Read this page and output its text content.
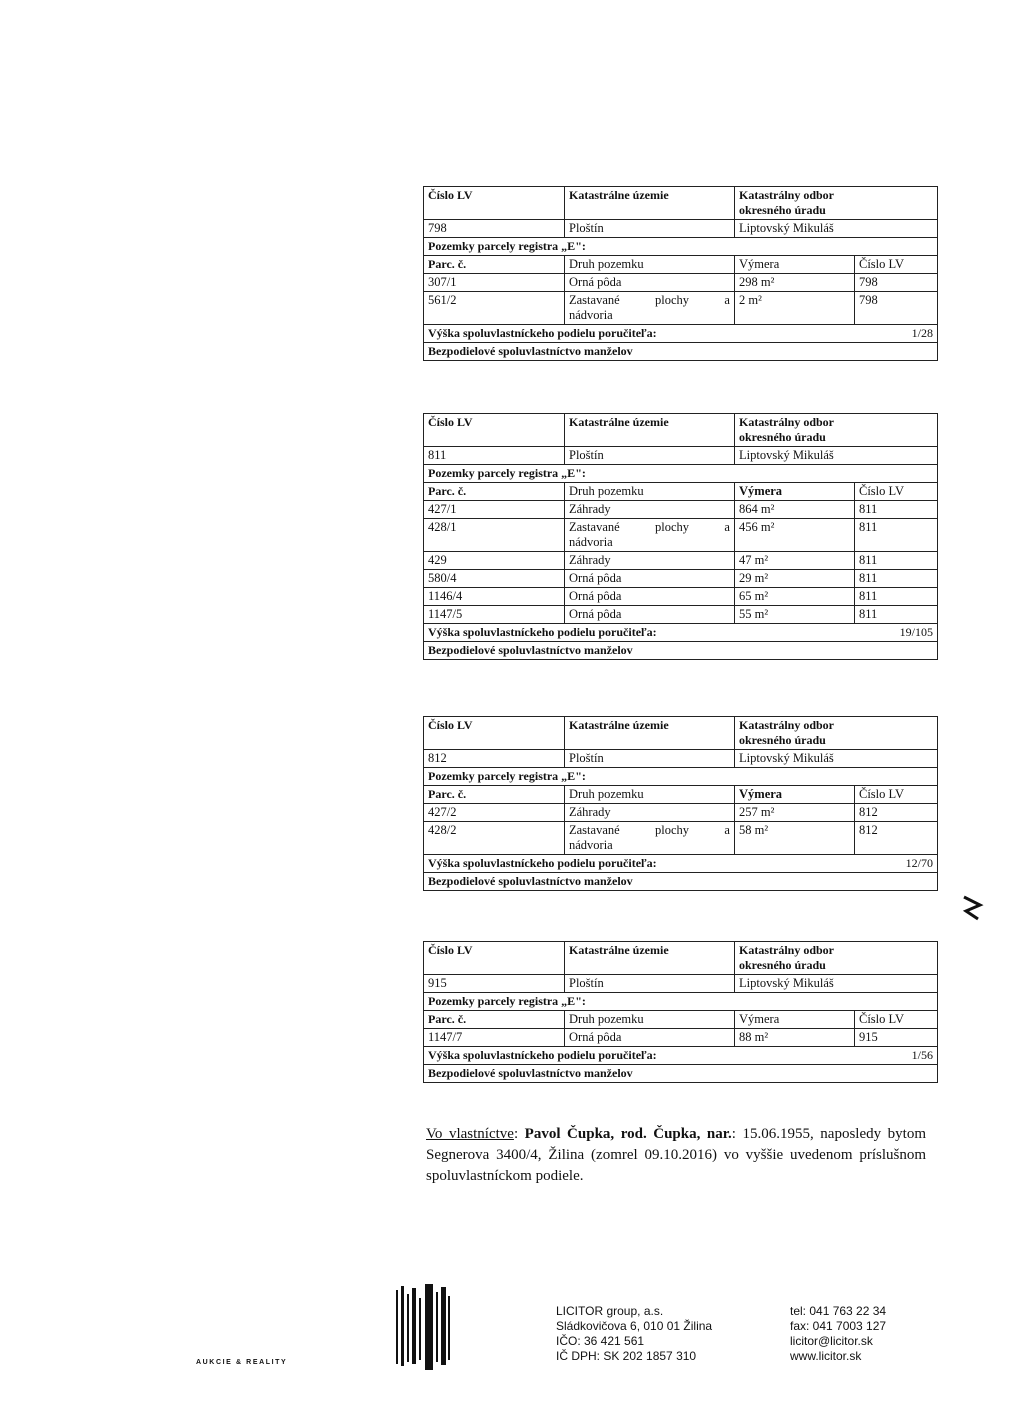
Číslo LV	Katastrálne územie	Katastrálny odbor
okresného úradu	
798	Ploštín	Liptovský Mikuláš	
Pozemky parcely registra „E":			
Parc. č.	Druh pozemku	Výmera	Číslo LV
307/1	Orná pôda	298 m²	798
561/2	Zastavané plochy a
nádvoria	2 m²	798
Výška spoluvlastníckeho podielu poručiteľa: 1/28			

Bezpodielové spoluvlastníctvo manželov			
Číslo LV	Katastrálne územie	Katastrálny odbor
okresného úradu	
811	Ploštín	Liptovský Mikuláš	
Pozemky parcely registra „E":			
Parc. č.	Druh pozemku	Výmera	Číslo LV
427/1	Záhrady	864 m²	811
428/1	Zastavané plochy a
nádvoria	456 m²	811
429	Záhrady	47 m²	811
580/4	Orná pôda	29 m²	811
1146/4	Orná pôda	65 m²	811
1147/5	Orná pôda	55 m²	811
Výška spoluvlastníckeho podielu poručiteľa: 19/105			

Bezpodielové spoluvlastníctvo manželov			
Číslo LV	Katastrálne územie	Katastrálny odbor
okresného úradu	
812	Ploštín	Liptovský Mikuláš	
Pozemky parcely registra „E":			
Parc. č.	Druh pozemku	Výmera	Číslo LV
427/2	Záhrady	257 m²	812
428/2	Zastavané plochy a
nádvoria	58 m²	812
Výška spoluvlastníckeho podielu poručiteľa: 12/70			

Bezpodielové spoluvlastníctvo manželov			
Číslo LV	Katastrálne územie	Katastrálny odbor
okresného úradu	
915	Ploštín	Liptovský Mikuláš	
Pozemky parcely registra „E":			
Parc. č.	Druh pozemku	Výmera	Číslo LV
1147/7	Orná pôda	88 m²	915
Výška spoluvlastníckeho podielu poručiteľa: 1/56			

Bezpodielové spoluvlastníctvo manželov			

Vo vlastníctve: Pavol Čupka, rod. Čupka, nar.: 15.06.1955, naposledy bytom Segnerova 3400/4, Žilina (zomrel 09.10.2016) vo vyššie uvedenom príslušnom spoluvlastníckom podiele.

AUKCIE & REALITY
LICITOR group, a.s.
Sládkovičova 6, 010 01 Žilina
IČO: 36 421 561
IČ DPH: SK 202 1857 310
tel: 041 763 22 34
fax: 041 7003 127
licitor@licitor.sk
www.licitor.sk
